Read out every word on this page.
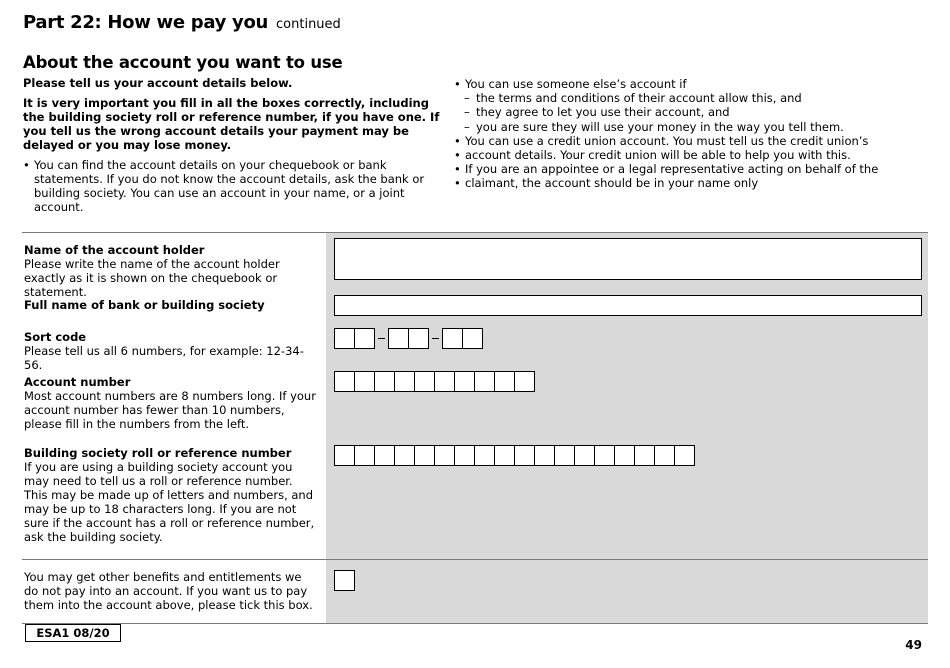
Part 22: How we pay you continued
About the account you want to use

Please tell us your account details below.

It is very important you fill in all the boxes correctly, including the building society roll or reference number, if you have one. If you tell us the wrong account details your payment may be delayed or you may lose money.

• You can find the account details on your chequebook or bank statements. If you do not know the account details, ask the bank or building society. You can use an account in your name, or a joint account.
• You can use someone else’s account if
– the terms and conditions of their account allow this, and
– they agree to let you use their account, and
– you are sure they will use your money in the way you tell them.
• You can use a credit union account. You must tell us the credit union’s
• account details. Your credit union will be able to help you with this.
• If you are an appointee or a legal representative acting on behalf of the
• claimant, the account should be in your name only
Name of the account holder
Please write the name of the account holder exactly as it is shown on the chequebook or statement.
Full name of bank or building society
Sort code
Please tell us all 6 numbers, for example: 12-34-56.
Account number
Most account numbers are 8 numbers long. If your account number has fewer than 10 numbers, please fill in the numbers from the left.
Building society roll or reference number
If you are using a building society account you may need to tell us a roll or reference number. This may be made up of letters and numbers, and may be up to 18 characters long. If you are not sure if the account has a roll or reference number, ask the building society.
You may get other benefits and entitlements we do not pay into an account. If you want us to pay them into the account above, please tick this box.
ESA1 08/20
49
